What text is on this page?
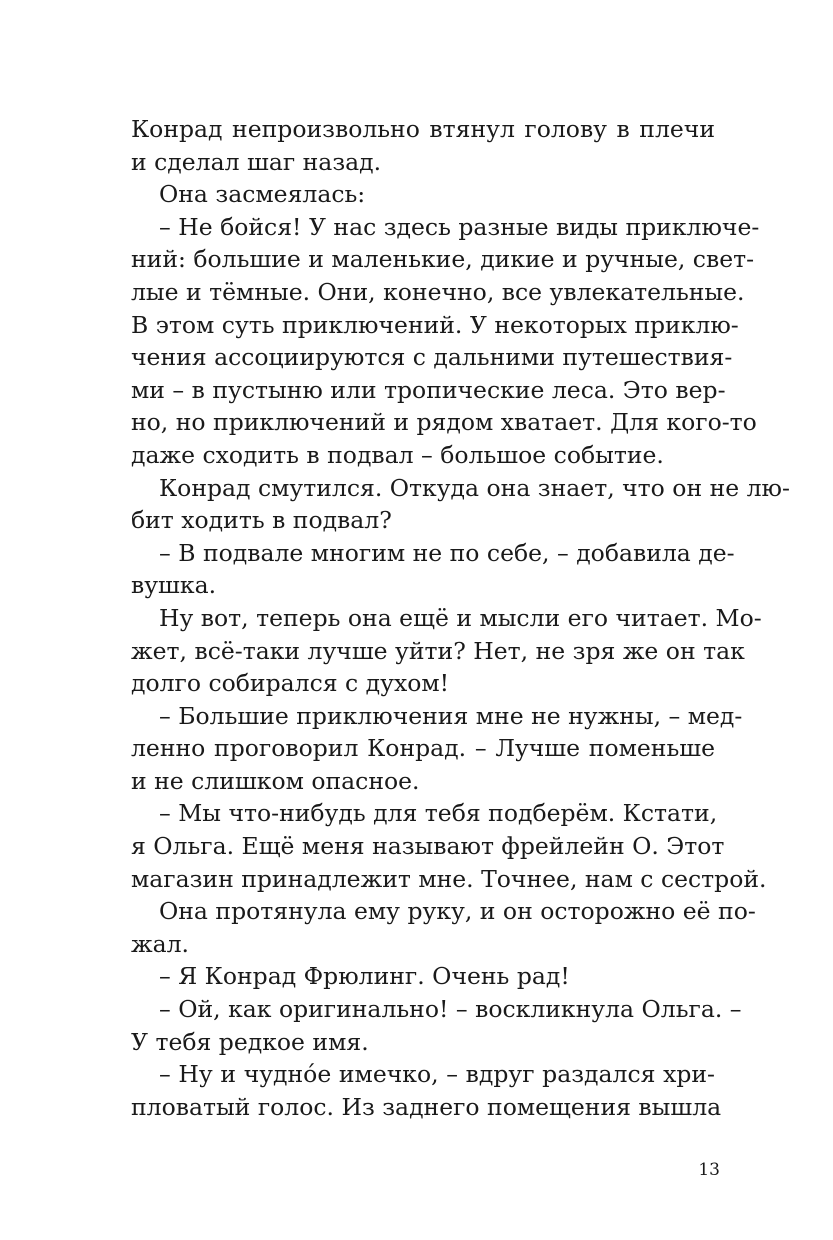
Конрад непроизвольно втянул голову в плечи
и сделал шаг назад.
Она засмеялась:
– Не бойся! У нас здесь разные виды приключе-
ний: большие и маленькие, дикие и ручные, свет-
лые и тёмные. Они, конечно, все увлекательные.
В этом суть приключений. У некоторых приклю-
чения ассоциируются с дальними путешествия-
ми – в пустыню или тропические леса. Это вер-
но, но приключений и рядом хватает. Для кого-то
даже сходить в подвал – большое событие.
Конрад смутился. Откуда она знает, что он не лю-
бит ходить в подвал?
– В подвале многим не по себе, – добавила де-
вушка.
Ну вот, теперь она ещё и мысли его читает. Мо-
жет, всё-таки лучше уйти? Нет, не зря же он так
долго собирался с духом!
– Большие приключения мне не нужны, – мед-
ленно проговорил Конрад. – Лучше поменьше
и не слишком опасное.
– Мы что-нибудь для тебя подберём. Кстати,
я Ольга. Ещё меня называют фрейлейн О. Этот
магазин принадлежит мне. Точнее, нам с сестрой.
Она протянула ему руку, и он осторожно её по-
жал.
– Я Конрад Фрюлинг. Очень рад!
– Ой, как оригинально! – воскликнула Ольга. –
У тебя редкое имя.
– Ну и чудно́е имечко, – вдруг раздался хри-
пловатый голос. Из заднего помещения вышла
13
